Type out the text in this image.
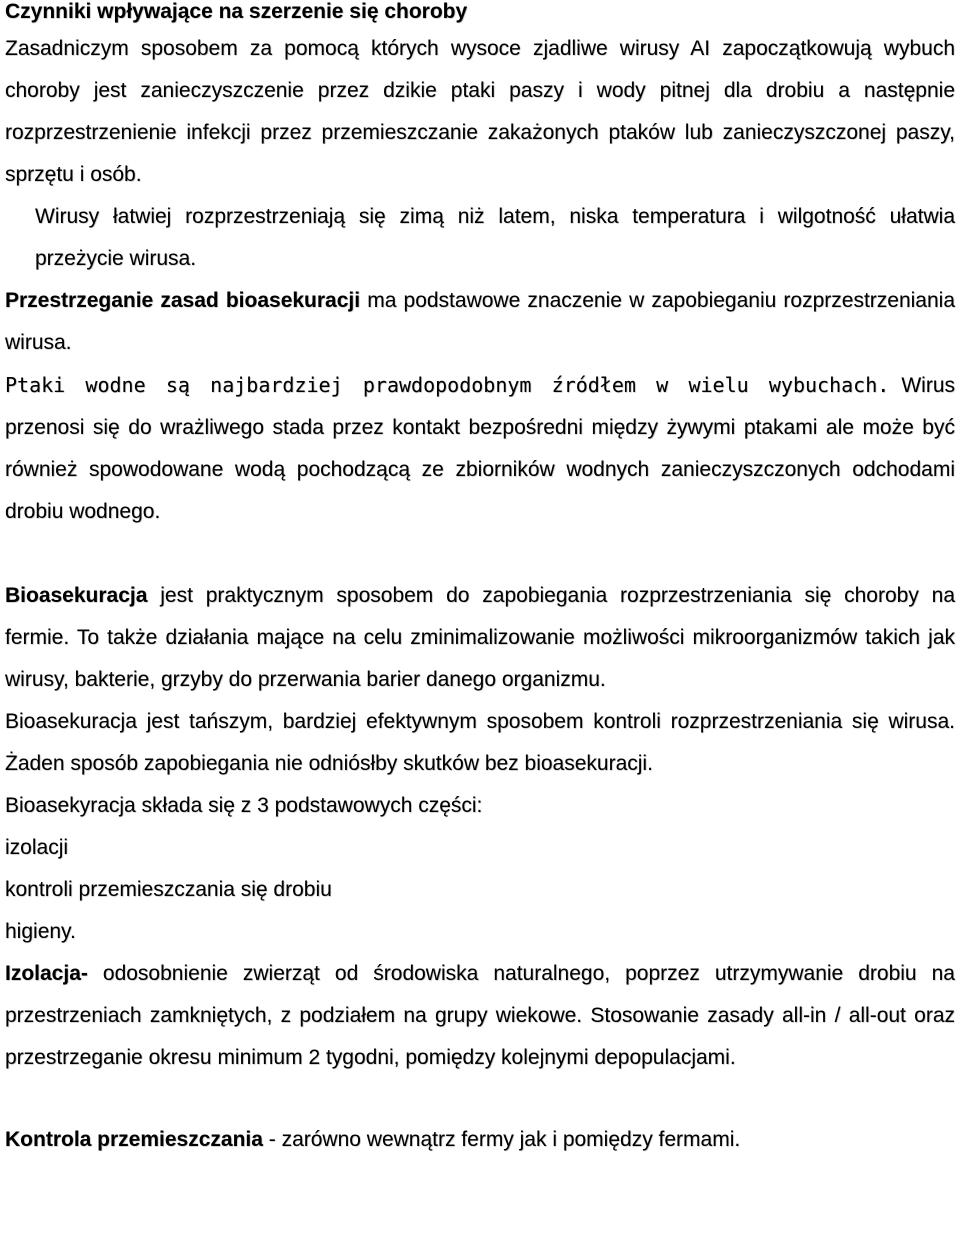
Czynniki wpływające na szerzenie się choroby

Zasadniczym sposobem za pomocą których wysoce zjadliwe wirusy AI zapoczątkowują wybuch choroby jest zanieczyszczenie przez dzikie ptaki paszy i wody pitnej dla drobiu a następnie rozprzestrzenienie infekcji przez przemieszczanie zakażonych ptaków lub zanieczyszczonej paszy, sprzętu i osób.

Wirusy łatwiej rozprzestrzeniają się zimą niż latem, niska temperatura i wilgotność ułatwia przeżycie wirusa.

Przestrzeganie zasad bioasekuracji ma podstawowe znaczenie w zapobieganiu rozprzestrzeniania wirusa.

Ptaki wodne są najbardziej prawdopodobnym źródłem w wielu wybuchach. Wirus przenosi się do wrażliwego stada przez kontakt bezpośredni między żywymi ptakami ale może być również spowodowane wodą pochodzącą ze zbiorników wodnych zanieczyszczonych odchodami drobiu wodnego.

Bioasekuracja jest praktycznym sposobem do zapobiegania rozprzestrzeniania się choroby na fermie. To także działania mające na celu zminimalizowanie możliwości mikroorganizmów takich jak wirusy, bakterie, grzyby do przerwania barier danego organizmu.

Bioasekuracja jest tańszym, bardziej efektywnym sposobem kontroli rozprzestrzeniania się wirusa. Żaden sposób zapobiegania nie odniósłby skutków bez bioasekuracji.

Bioasekyracja składa się z 3 podstawowych części:

izolacji

kontroli przemieszczania się drobiu

higieny.

Izolacja- odosobnienie zwierząt od środowiska naturalnego, poprzez utrzymywanie drobiu na przestrzeniach zamkniętych, z podziałem na grupy wiekowe. Stosowanie zasady all-in / all-out oraz przestrzeganie okresu minimum 2 tygodni, pomiędzy kolejnymi depopulacjami.

Kontrola przemieszczania - zarówno wewnątrz fermy jak i pomiędzy fermami.
